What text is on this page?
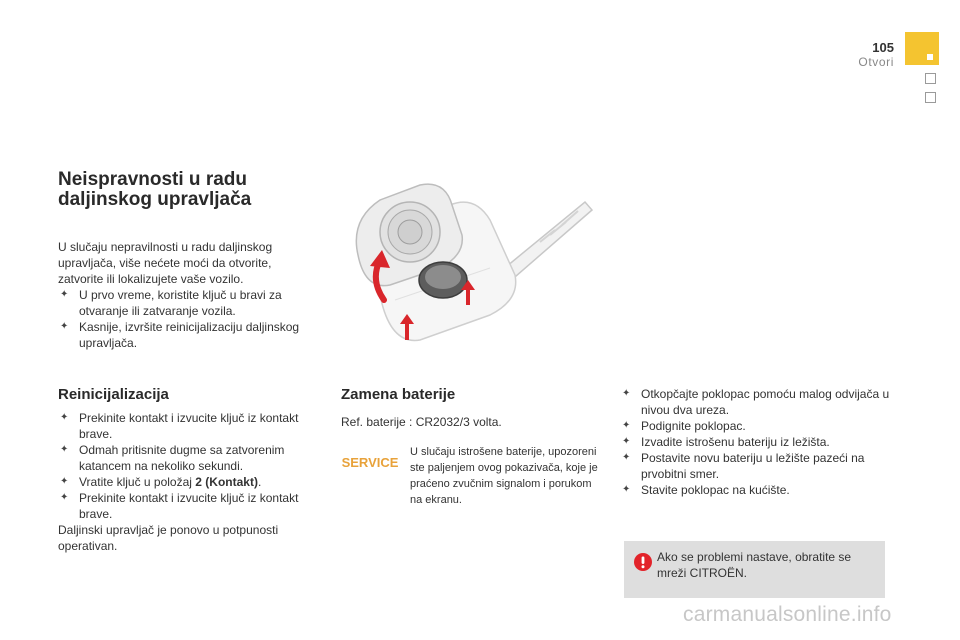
105
Otvori
Neispravnosti u radu daljinskog upravljača

U slučaju nepravilnosti u radu daljinskog upravljača, više nećete moći da otvorite, zatvorite ili lokalizujete vaše vozilo.

✦ U prvo vreme, koristite ključ u bravi za otvaranje ili zatvaranje vozila.
✦ Kasnije, izvršite reinicijalizaciju daljinskog upravljača.
Reinicijalizacija
✦ Prekinite kontakt i izvucite ključ iz kontakt brave.
✦ Odmah pritisnite dugme sa zatvorenim katancem na nekoliko sekundi.
✦ Vratite ključ u položaj 2 (Kontakt).
✦ Prekinite kontakt i izvucite ključ iz kontakt brave.

Daljinski upravljač je ponovo u potpunosti operativan.

Zamena baterije

Ref. baterije : CR2032/3 volta.

SERVICE

U slučaju istrošene baterije, upozoreni ste paljenjem ovog pokazivača, koje je praćeno zvučnim signalom i porukom na ekranu.

✦ Otkopčajte poklopac pomoću malog odvijača u nivou dva ureza.
✦ Podignite poklopac.
✦ Izvadite istrošenu bateriju iz ležišta.
✦ Postavite novu bateriju u ležište pazeći na prvobitni smer.
✦ Stavite poklopac na kućište.
Ako se problemi nastave, obratite se mreži CITROËN.
carmanualsonline.info
